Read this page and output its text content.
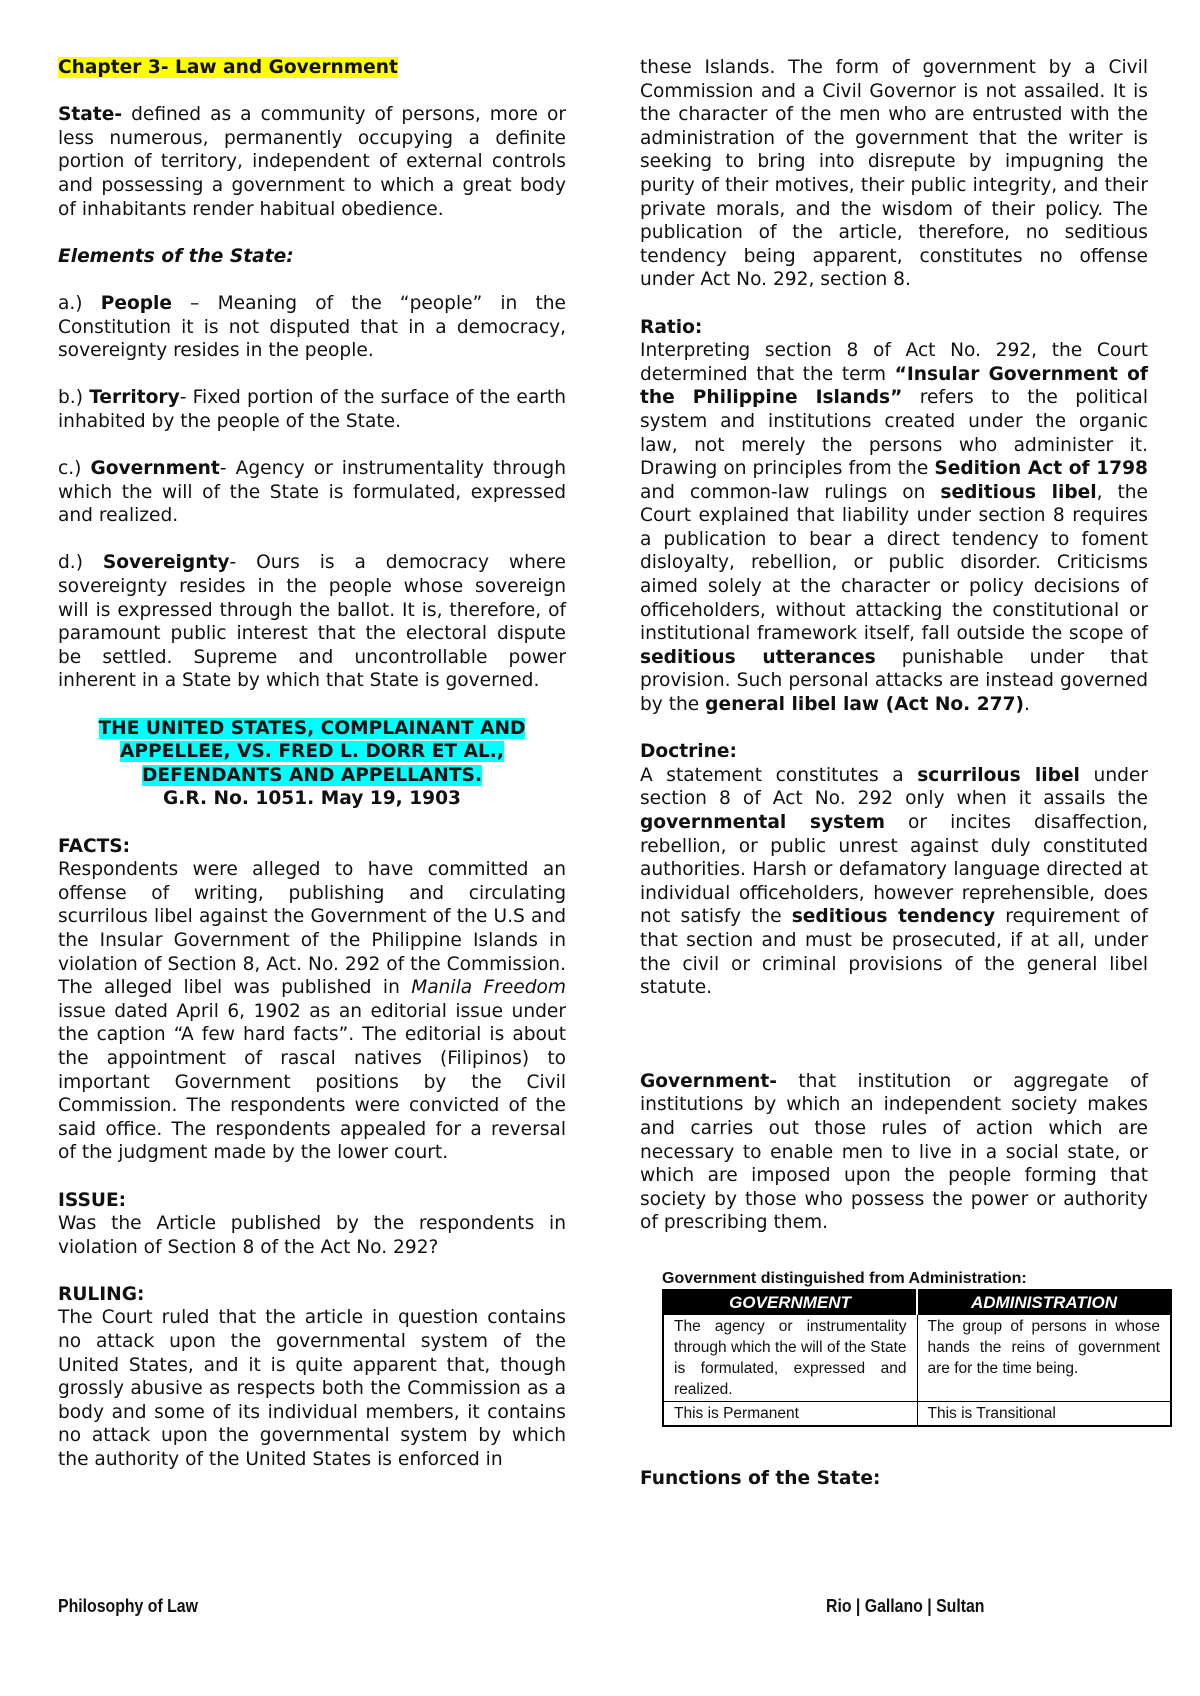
Chapter 3- Law and Government

State- defined as a community of persons, more or less numerous, permanently occupying a definite portion of territory, independent of external controls and possessing a government to which a great body of inhabitants render habitual obedience.

Elements of the State:

a.) People – Meaning of the “people” in the Constitution it is not disputed that in a democracy, sovereignty resides in the people.

b.) Territory- Fixed portion of the surface of the earth inhabited by the people of the State.

c.) Government- Agency or instrumentality through which the will of the State is formulated, expressed and realized.

d.) Sovereignty- Ours is a democracy where sovereignty resides in the people whose sovereign will is expressed through the ballot. It is, therefore, of paramount public interest that the electoral dispute be settled. Supreme and uncontrollable power inherent in a State by which that State is governed.

THE UNITED STATES, COMPLAINANT AND
APPELLEE, VS. FRED L. DORR ET AL.,
DEFENDANTS AND APPELLANTS.
G.R. No. 1051. May 19, 1903

FACTS:

Respondents were alleged to have committed an offense of writing, publishing and circulating scurrilous libel against the Government of the U.S and the Insular Government of the Philippine Islands in violation of Section 8, Act. No. 292 of the Commission. The alleged libel was published in Manila Freedom issue dated April 6, 1902 as an editorial issue under the caption “A few hard facts”. The editorial is about the appointment of rascal natives (Filipinos) to important Government positions by the Civil Commission. The respondents were convicted of the said office. The respondents appealed for a reversal of the judgment made by the lower court.

ISSUE:

Was the Article published by the respondents in violation of Section 8 of the Act No. 292?

RULING:

The Court ruled that the article in question contains no attack upon the governmental system of the United States, and it is quite apparent that, though grossly abusive as respects both the Commission as a body and some of its individual members, it contains no attack upon the governmental system by which the authority of the United States is enforced in

these Islands. The form of government by a Civil Commission and a Civil Governor is not assailed. It is the character of the men who are entrusted with the administration of the government that the writer is seeking to bring into disrepute by impugning the purity of their motives, their public integrity, and their private morals, and the wisdom of their policy. The publication of the article, therefore, no seditious tendency being apparent, constitutes no offense under Act No. 292, section 8.

Ratio:

Interpreting section 8 of Act No. 292, the Court determined that the term “Insular Government of the Philippine Islands” refers to the political system and institutions created under the organic law, not merely the persons who administer it. Drawing on principles from the Sedition Act of 1798 and common-law rulings on seditious libel, the Court explained that liability under section 8 requires a publication to bear a direct tendency to foment disloyalty, rebellion, or public disorder. Criticisms aimed solely at the character or policy decisions of officeholders, without attacking the constitutional or institutional framework itself, fall outside the scope of seditious utterances punishable under that provision. Such personal attacks are instead governed by the general libel law (Act No. 277).

Doctrine:

A statement constitutes a scurrilous libel under section 8 of Act No. 292 only when it assails the governmental system or incites disaffection, rebellion, or public unrest against duly constituted authorities. Harsh or defamatory language directed at individual officeholders, however reprehensible, does not satisfy the seditious tendency requirement of that section and must be prosecuted, if at all, under the civil or criminal provisions of the general libel statute.

Government- that institution or aggregate of institutions by which an independent society makes and carries out those rules of action which are necessary to enable men to live in a social state, or which are imposed upon the people forming that society by those who possess the power or authority of prescribing them.

Government distinguished from Administration:
GOVERNMENT	ADMINISTRATION
The agency or instrumentality through which the will of the State is formulated, expressed and realized.	The group of persons in whose hands the reins of government are for the time being.
This is Permanent	This is Transitional

Functions of the State:

Philosophy of Law	Rio | Gallano | Sultan
